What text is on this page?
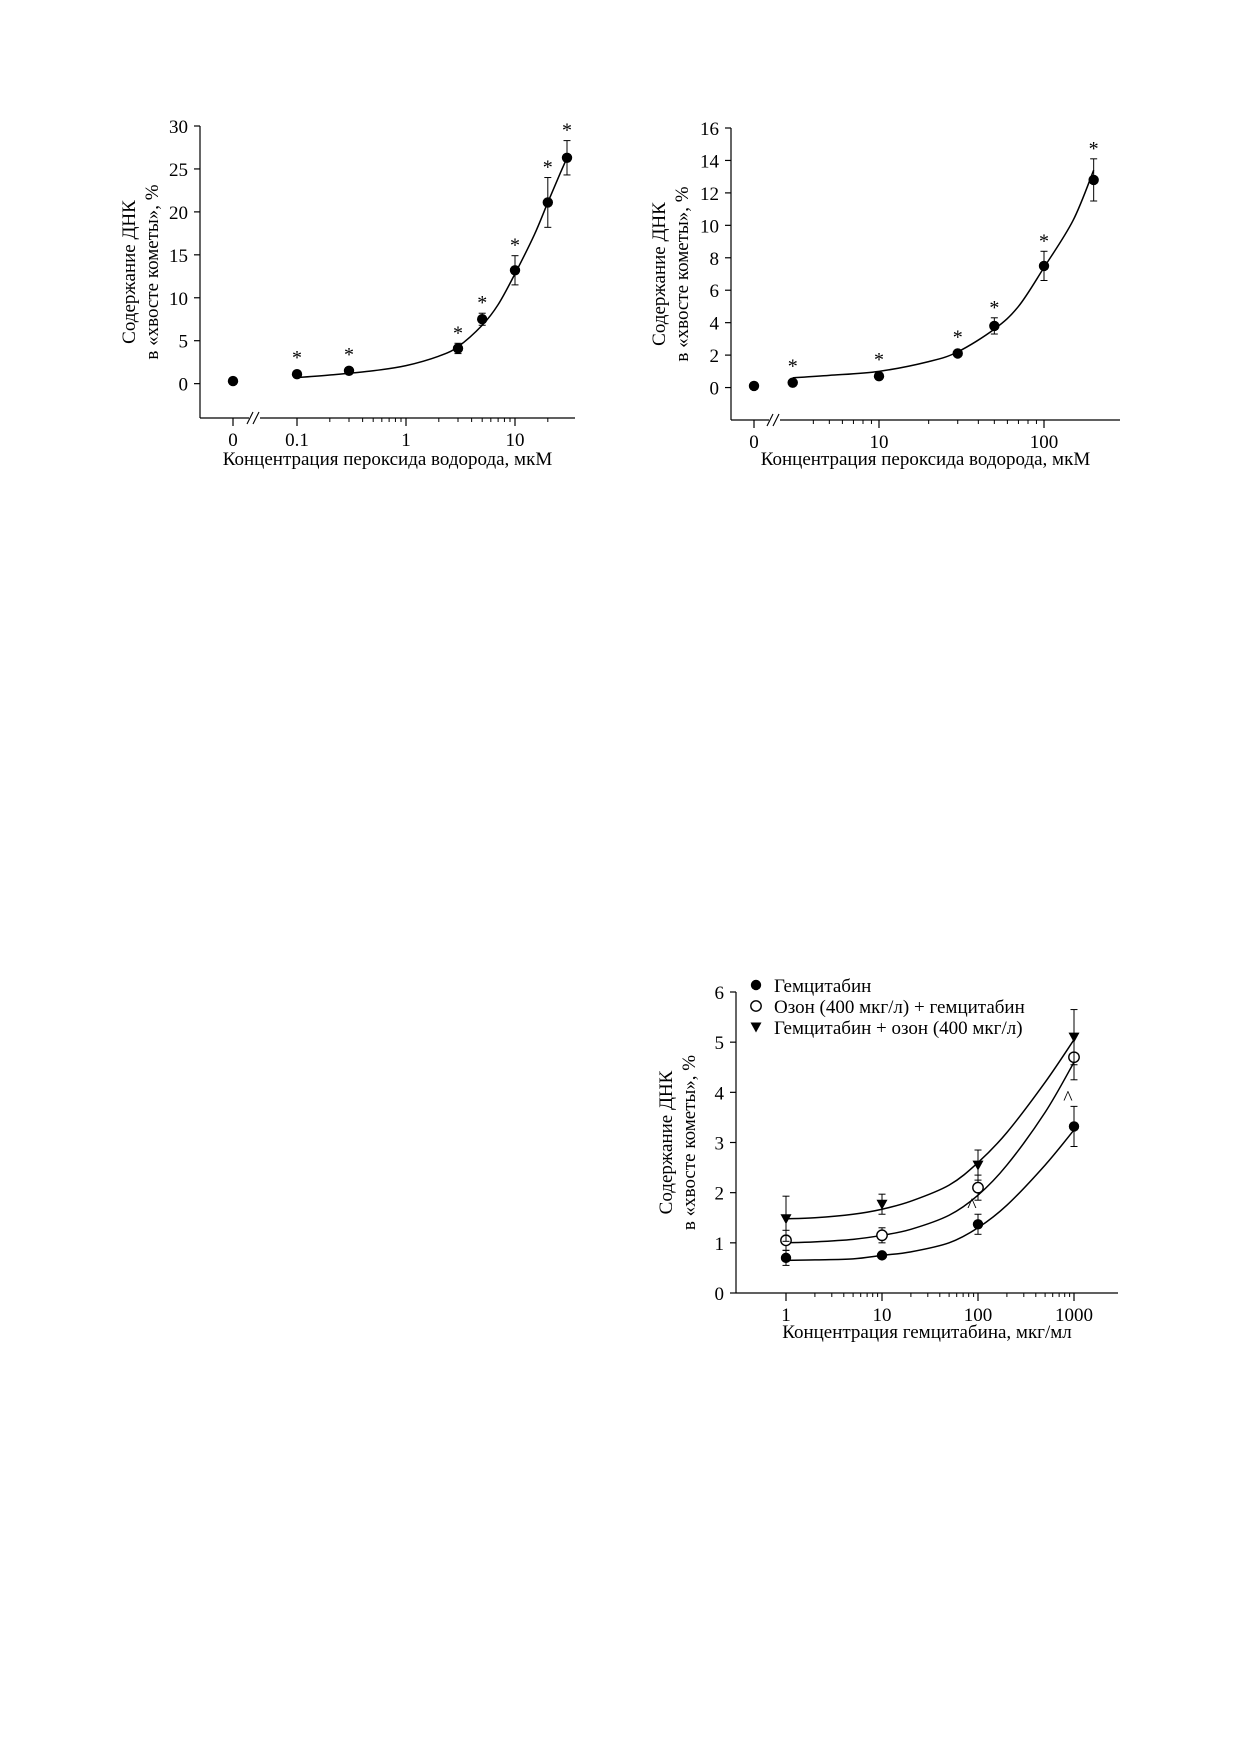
0
5
10
15
20
25
30
0 0.1	1	10
Концентрация пероксида водорода, мкМ
Содержание ДНК в «хвосте кометы», %	* *
*
*
*
*
*
0
2
4
6
8
10
12
14
16
0	10	100
Концентрация пероксида водорода, мкМ
Содержание ДНК в «хвосте кометы», %
*	*
*
*
*
*
0
1
2
3
4
5
6
1	10	100	1000
Концентрация гемцитабина, мкг/мл
Содержание ДНК в «хвосте кометы», %	^
^
Гемцитабин
Озон (400 мкг/л) + гемцитабин
Гемцитабин + озон (400 мкг/л)
